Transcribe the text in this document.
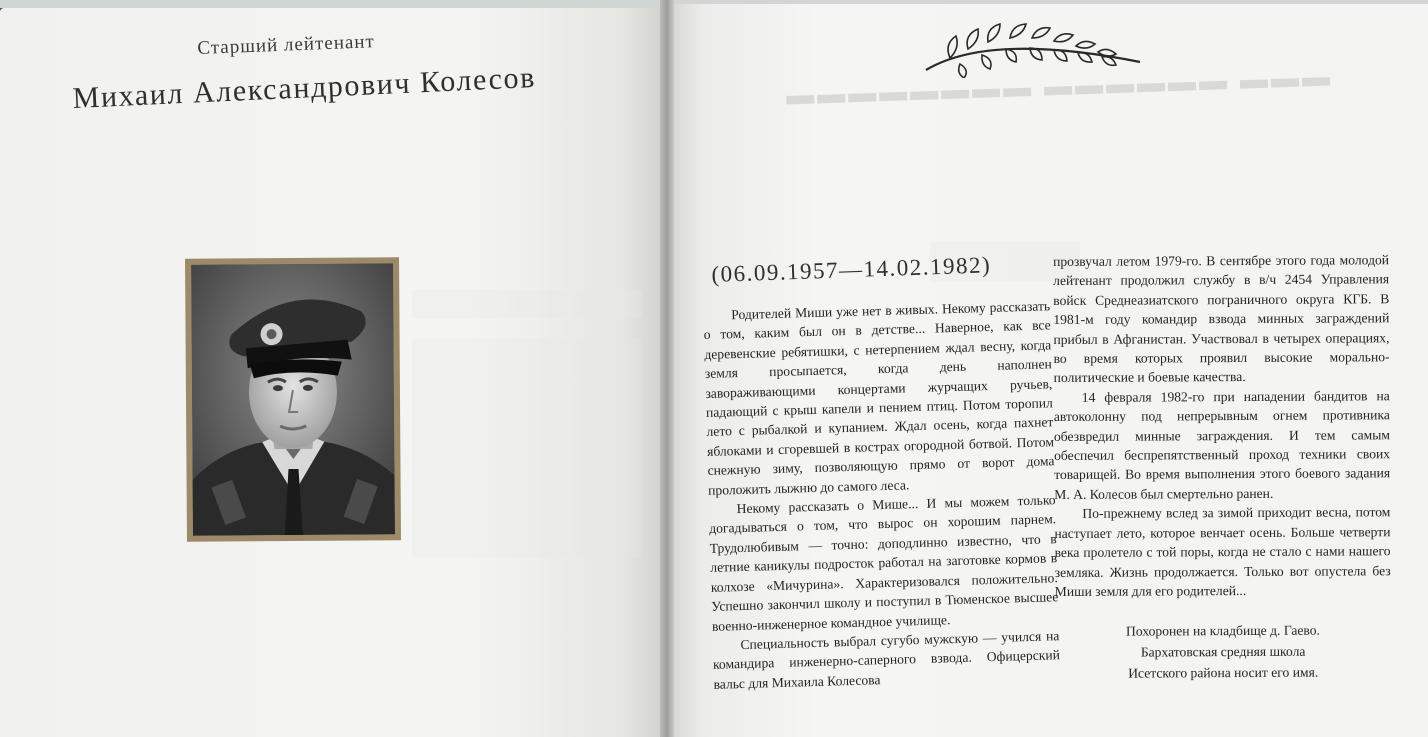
▬▬▬ ▬▬▬▬▬▬ ▬▬▬▬▬▬▬▬
Старший лейтенант
Михаил Александрович Колесов
(06.09.1957—14.02.1982)

Родителей Миши уже нет в живых. Некому рассказать о том, каким был он в детстве... Наверное, как все деревенские ребятишки, с нетерпением ждал весну, когда земля просыпается, когда день наполнен завораживающими концертами журчащих ручьев, падающий с крыш капели и пением птиц. Потом торопил лето с рыбалкой и купанием. Ждал осень, когда пахнет яблоками и сгоревшей в кострах огородной ботвой. Потом снежную зиму, позволяющую прямо от ворот дома проложить лыжню до самого леса.

Некому рассказать о Мише... И мы можем только догадываться о том, что вырос он хорошим парнем. Трудолюбивым — точно: доподлинно известно, что в летние каникулы подросток работал на заготовке кормов в колхозе «Мичурина». Характеризовался положительно. Успешно закончил школу и поступил в Тюменское высшее военно-инженерное командное училище.

Специальность выбрал сугубо мужскую — учился на командира инженерно-саперного взвода. Офицерский вальс для Михаила Колесова

прозвучал летом 1979-го. В сентябре этого года молодой лейтенант продолжил службу в в/ч 2454 Управления войск Среднеазиатского пограничного округа КГБ. В 1981-м году командир взвода минных заграждений прибыл в Афганистан. Участвовал в четырех операциях, во время которых проявил высокие морально-политические и боевые качества.

14 февраля 1982-го при нападении бандитов на автоколонну под непрерывным огнем противника обезвредил минные заграждения. И тем самым обеспечил беспрепятственный проход техники своих товарищей. Во время выполнения этого боевого задания М. А. Колесов был смертельно ранен.

По-прежнему вслед за зимой приходит весна, потом наступает лето, которое венчает осень. Больше четверти века пролетело с той поры, когда не стало с нами нашего земляка. Жизнь продолжается. Только вот опустела без Миши земля для его родителей...

Похоронен на кладбище д. Гаево.
Бархатовская средняя школа
Исетского района носит его имя.
